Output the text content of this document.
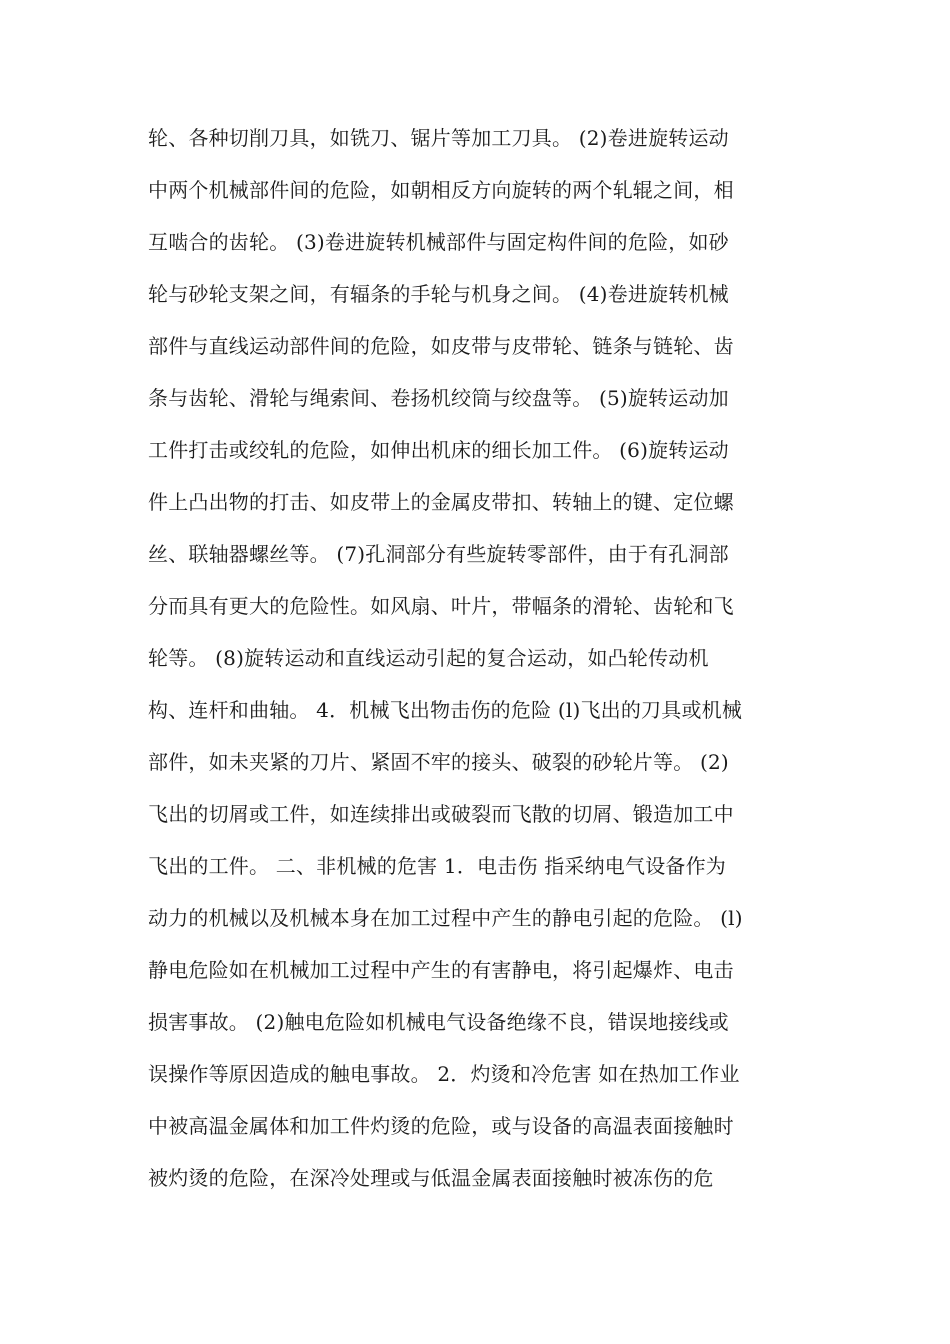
轮、各种切削刀具，如铣刀、锯片等加工刀具。 (2)卷进旋转运动
中两个机械部件间的危险，如朝相反方向旋转的两个轧辊之间，相
互啮合的齿轮。 (3)卷进旋转机械部件与固定构件间的危险，如砂
轮与砂轮支架之间，有辐条的手轮与机身之间。 (4)卷进旋转机械
部件与直线运动部件间的危险，如皮带与皮带轮、链条与链轮、齿
条与齿轮、滑轮与绳索间、卷扬机绞筒与绞盘等。 (5)旋转运动加
工件打击或绞轧的危险，如伸出机床的细长加工件。 (6)旋转运动
件上凸出物的打击、如皮带上的金属皮带扣、转轴上的键、定位螺
丝、联轴器螺丝等。 (7)孔洞部分有些旋转零部件，由于有孔洞部
分而具有更大的危险性。如风扇、叶片，带幅条的滑轮、齿轮和飞
轮等。 (8)旋转运动和直线运动引起的复合运动，如凸轮传动机
构、连杆和曲轴。 4．机械飞出物击伤的危险 (l)飞出的刀具或机械
部件，如未夹紧的刀片、紧固不牢的接头、破裂的砂轮片等。 (2)
飞出的切屑或工件，如连续排出或破裂而飞散的切屑、锻造加工中
飞出的工件。 二、非机械的危害 1．电击伤 指采纳电气设备作为
动力的机械以及机械本身在加工过程中产生的静电引起的危险。 (l)
静电危险如在机械加工过程中产生的有害静电，将引起爆炸、电击
损害事故。 (2)触电危险如机械电气设备绝缘不良，错误地接线或
误操作等原因造成的触电事故。 2．灼烫和冷危害 如在热加工作业
中被高温金属体和加工件灼烫的危险，或与设备的高温表面接触时
被灼烫的危险，在深冷处理或与低温金属表面接触时被冻伤的危
